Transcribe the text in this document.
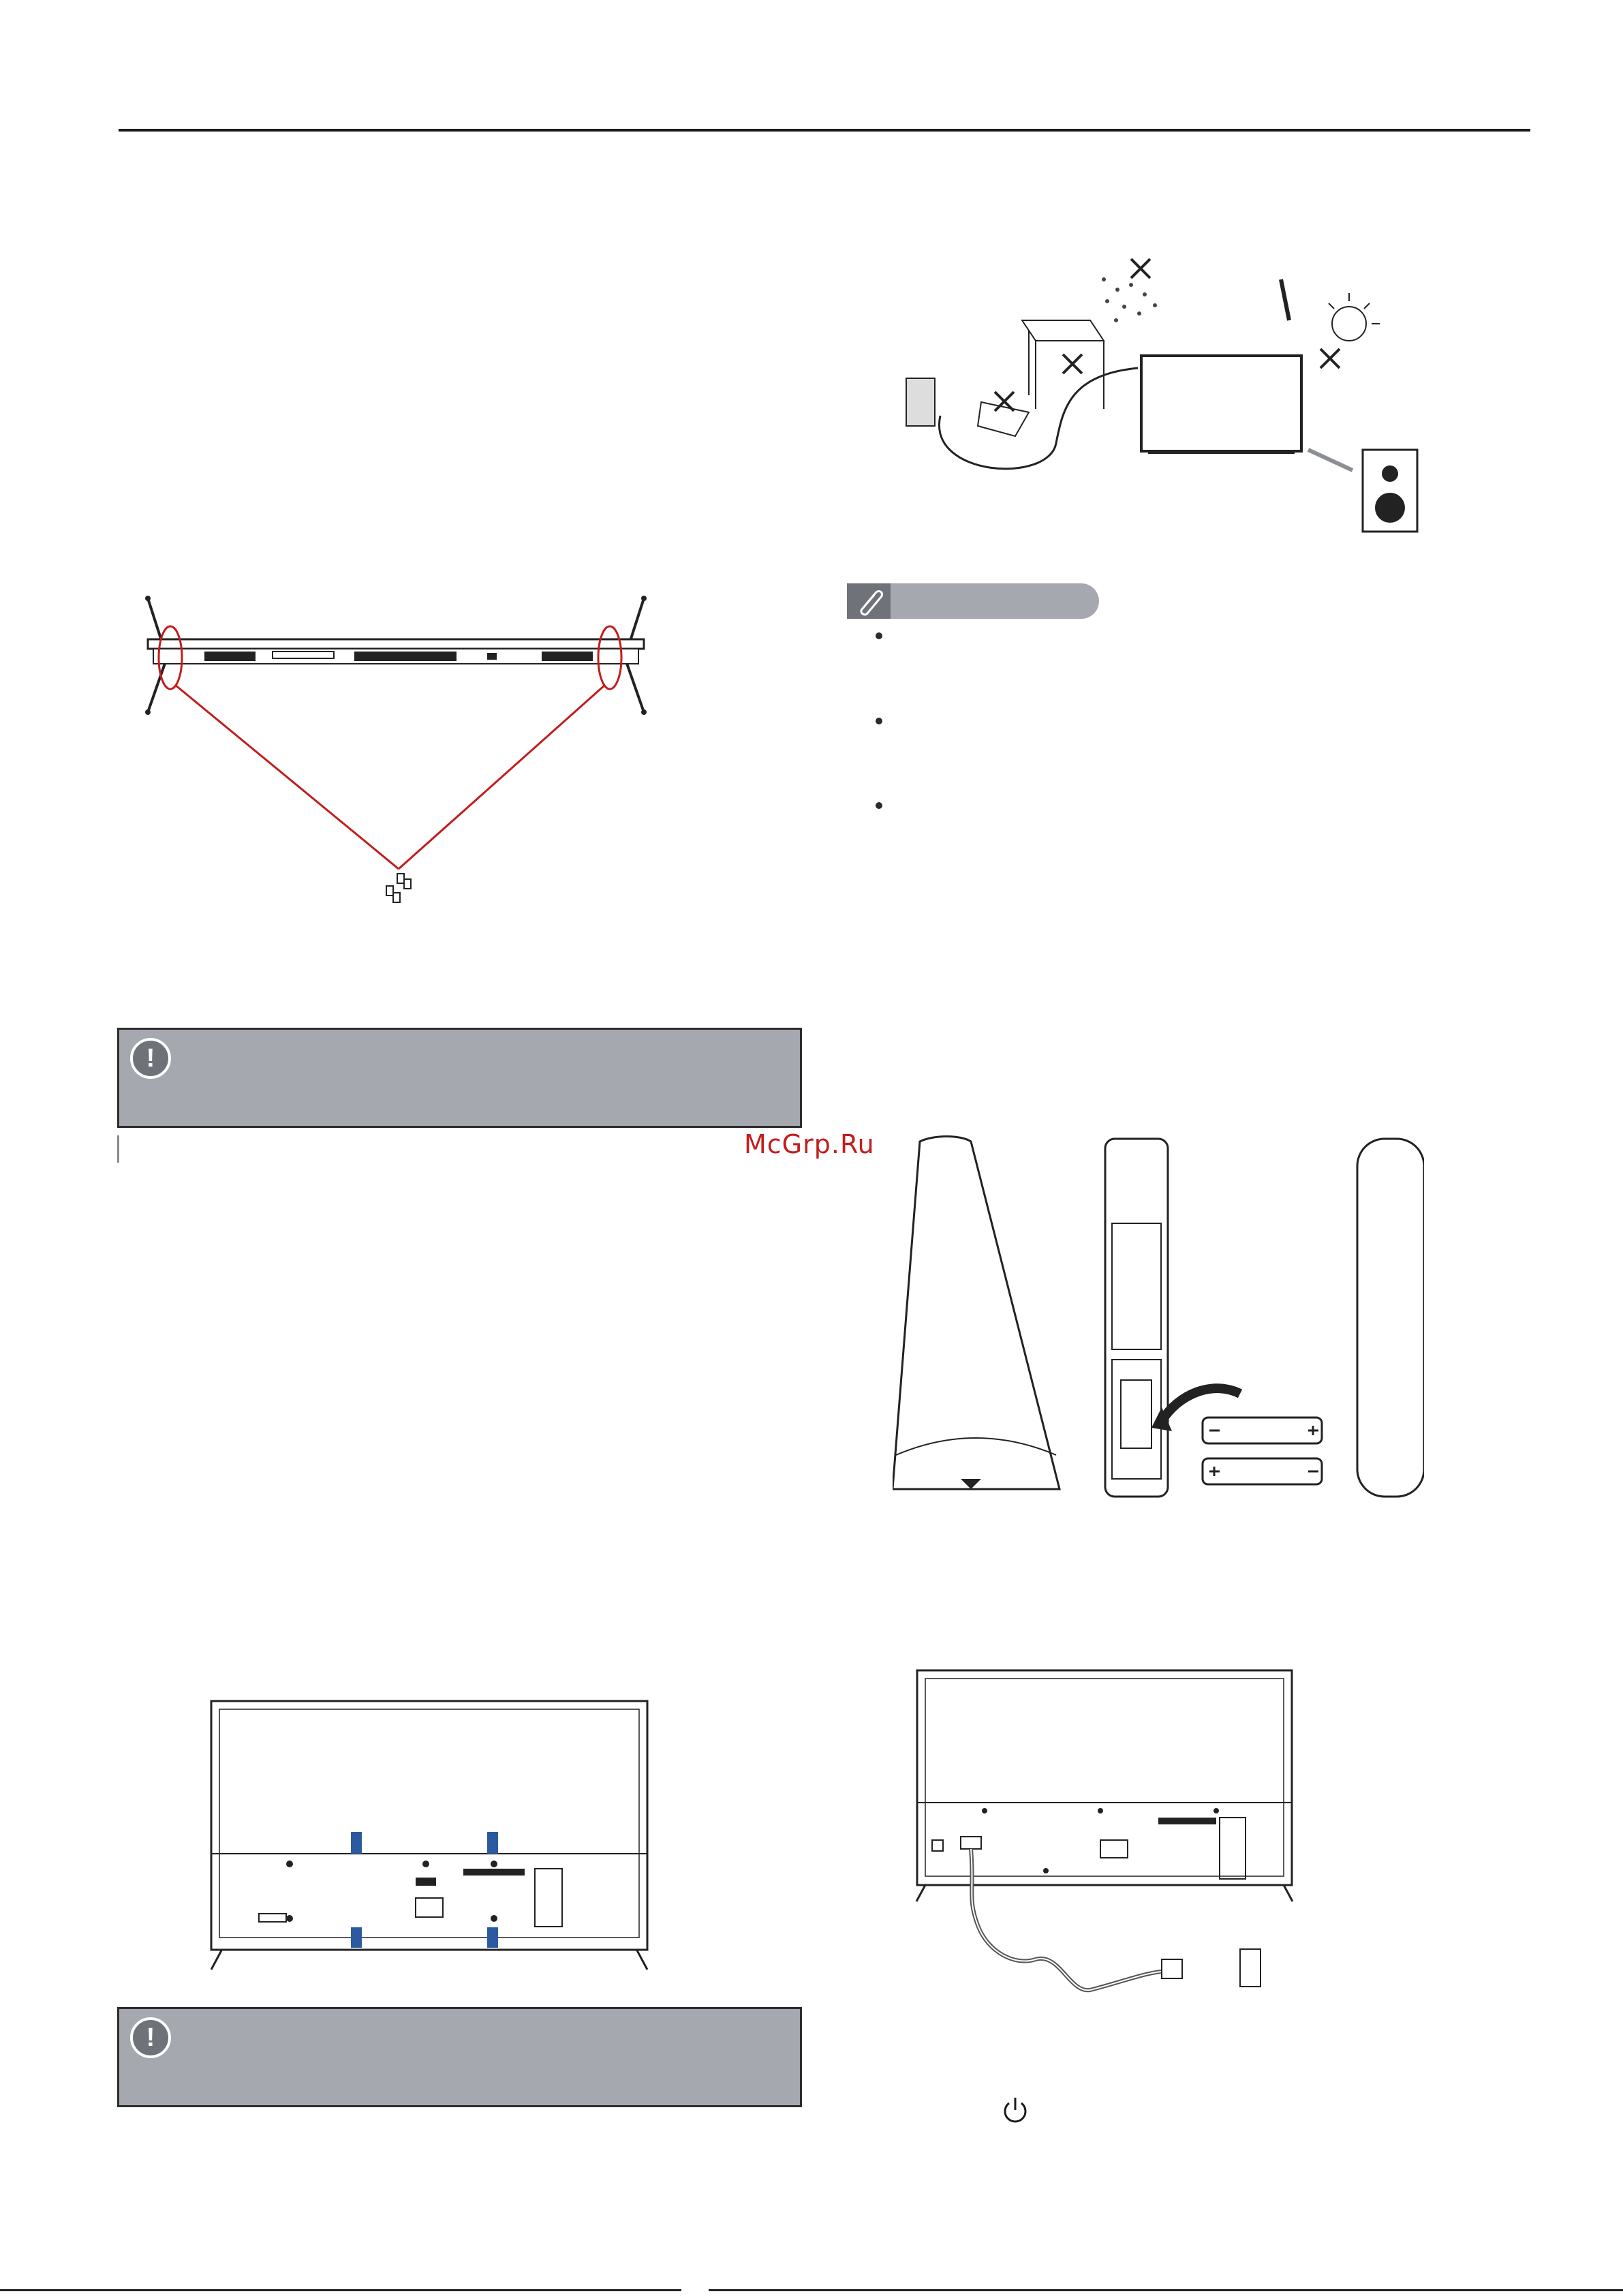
!
!
McGrp.Ru
